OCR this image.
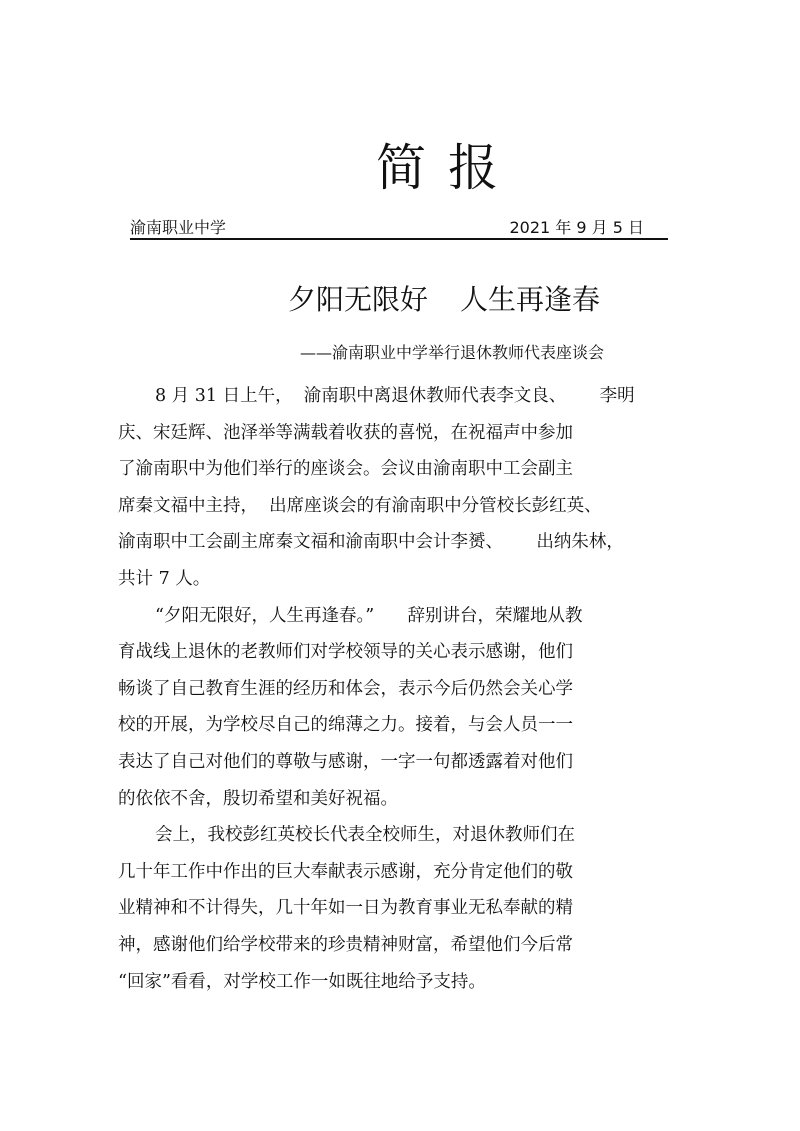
简报
渝南职业中学	2021 年 9 月 5 日
夕阳无限好 人生再逢春
——渝南职业中学举行退休教师代表座谈会
8 月 31 日上午，  渝南职中离退休教师代表李文良、      李明
庆、宋廷辉、池泽举等满载着收获的喜悦，在祝福声中参加
了渝南职中为他们举行的座谈会。会议由渝南职中工会副主
席秦文福中主持，  出席座谈会的有渝南职中分管校长彭红英、
渝南职中工会副主席秦文福和渝南职中会计李赟、      出纳朱林，
共计 7 人。
“夕阳无限好，人生再逢春。”      辞别讲台，荣耀地从教
育战线上退休的老教师们对学校领导的关心表示感谢，他们
畅谈了自己教育生涯的经历和体会，表示今后仍然会关心学
校的开展，为学校尽自己的绵薄之力。接着，与会人员一一
表达了自己对他们的尊敬与感谢，一字一句都透露着对他们
的依依不舍，殷切希望和美好祝福。
会上，我校彭红英校长代表全校师生，对退休教师们在
几十年工作中作出的巨大奉献表示感谢，充分肯定他们的敬
业精神和不计得失，几十年如一日为教育事业无私奉献的精
神，感谢他们给学校带来的珍贵精神财富，希望他们今后常
“回家”看看，对学校工作一如既往地给予支持。
